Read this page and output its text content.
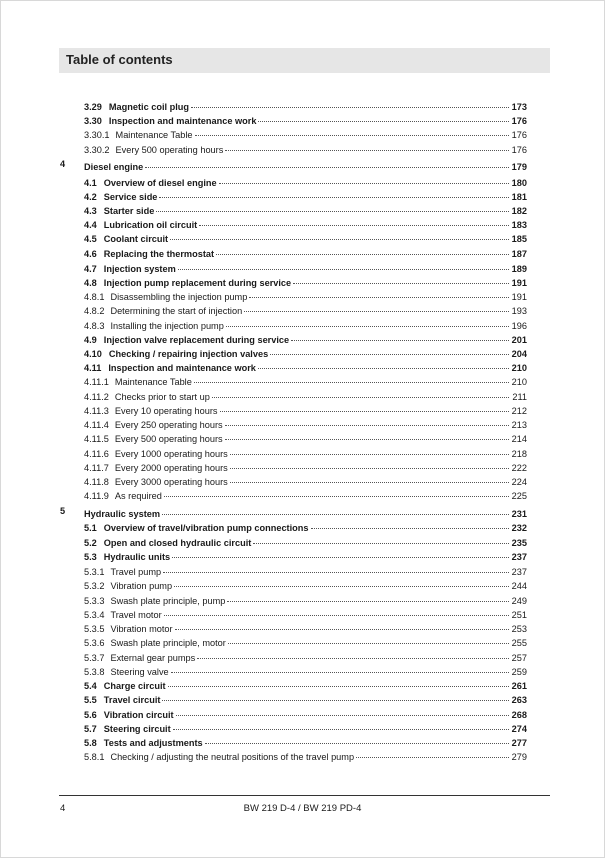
Table of contents
3.29 Magnetic coil plug	173
3.30 Inspection and maintenance work	176
3.30.1 Maintenance Table	176
3.30.2 Every 500 operating hours	176
4 Diesel engine	179
4.1 Overview of diesel engine	180
4.2 Service side	181
4.3 Starter side	182
4.4 Lubrication oil circuit	183
4.5 Coolant circuit	185
4.6 Replacing the thermostat	187
4.7 Injection system	189
4.8 Injection pump replacement during service	191
4.8.1 Disassembling the injection pump	191
4.8.2 Determining the start of injection	193
4.8.3 Installing the injection pump	196
4.9 Injection valve replacement during service	201
4.10 Checking / repairing injection valves	204
4.11 Inspection and maintenance work	210
4.11.1 Maintenance Table	210
4.11.2 Checks prior to start up	211
4.11.3 Every 10 operating hours	212
4.11.4 Every 250 operating hours	213
4.11.5 Every 500 operating hours	214
4.11.6 Every 1000 operating hours	218
4.11.7 Every 2000 operating hours	222
4.11.8 Every 3000 operating hours	224
4.11.9 As required	225
5 Hydraulic system	231
5.1 Overview of travel/vibration pump connections	232
5.2 Open and closed hydraulic circuit	235
5.3 Hydraulic units	237
5.3.1 Travel pump	237
5.3.2 Vibration pump	244
5.3.3 Swash plate principle, pump	249
5.3.4 Travel motor	251
5.3.5 Vibration motor	253
5.3.6 Swash plate principle, motor	255
5.3.7 External gear pumps	257
5.3.8 Steering valve	259
5.4 Charge circuit	261
5.5 Travel circuit	263
5.6 Vibration circuit	268
5.7 Steering circuit	274
5.8 Tests and adjustments	277
5.8.1 Checking / adjusting the neutral positions of the travel pump	279
4	BW 219 D-4 / BW 219 PD-4
